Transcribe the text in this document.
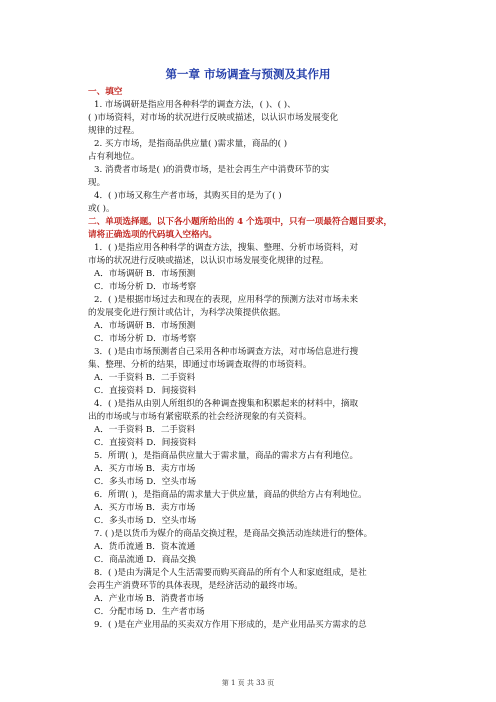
第一章 市场调查与预测及其作用
一、填空
1. 市场调研是指应用各种科学的调查方法，( )、( )、
( )市场资料，对市场的状况进行反映或描述，以认识市场发展变化
规律的过程。
2. 买方市场，是指商品供应量( )需求量，商品的( )
占有利地位。
3. 消费者市场是( )的消费市场，是社会再生产中消费环节的实
现。
4．( )市场又称生产者市场，其购买目的是为了( )
或( )。
二、单项选择题。以下各小题所给出的 4 个选项中，只有一项最符合题目要求，
请将正确选项的代码填入空格内。
1．( )是指应用各种科学的调查方法，搜集、整理、分析市场资料，对
市场的状况进行反映或描述，以认识市场发展变化规律的过程。
A．市场调研 B．市场预测
C．市场分析 D．市场考察
2．( )是根据市场过去和现在的表现，应用科学的预测方法对市场未来
的发展变化进行预计或估计，为科学决策提供依据。
A．市场调研 B．市场预测
C．市场分析 D．市场考察
3．( )是由市场预测者自己采用各种市场调查方法，对市场信息进行搜
集、整理、分析的结果，即通过市场调查取得的市场资料。
A．一手资料 B．二手资料
C．直接资料 D．间接资料
4．( )是指从由别人所组织的各种调查搜集和积累起来的材料中，摘取
出的市场或与市场有紧密联系的社会经济现象的有关资料。
A．一手资料 B．二手资料
C．直接资料 D．间接资料
5．所谓( )，是指商品供应量大于需求量，商品的需求方占有利地位。
A．买方市场 B．卖方市场
C．多头市场 D．空头市场
6．所谓( )，是指商品的需求量大于供应量，商品的供给方占有利地位。
A．买方市场 B．卖方市场
C．多头市场 D．空头市场
7. ( )是以货币为媒介的商品交换过程，是商品交换活动连续进行的整体。
A．货币流通 B．资本流通
C．商品流通 D．商品交换
8．( )是由为满足个人生活需要而购买商品的所有个人和家庭组成，是社
会再生产消费环节的具体表现，是经济活动的最终市场。
A．产业市场 B．消费者市场
C．分配市场 D．生产者市场
9．( )是在产业用品的买卖双方作用下形成的，是产业用品买方需求的总
第 1 页 共 33 页
